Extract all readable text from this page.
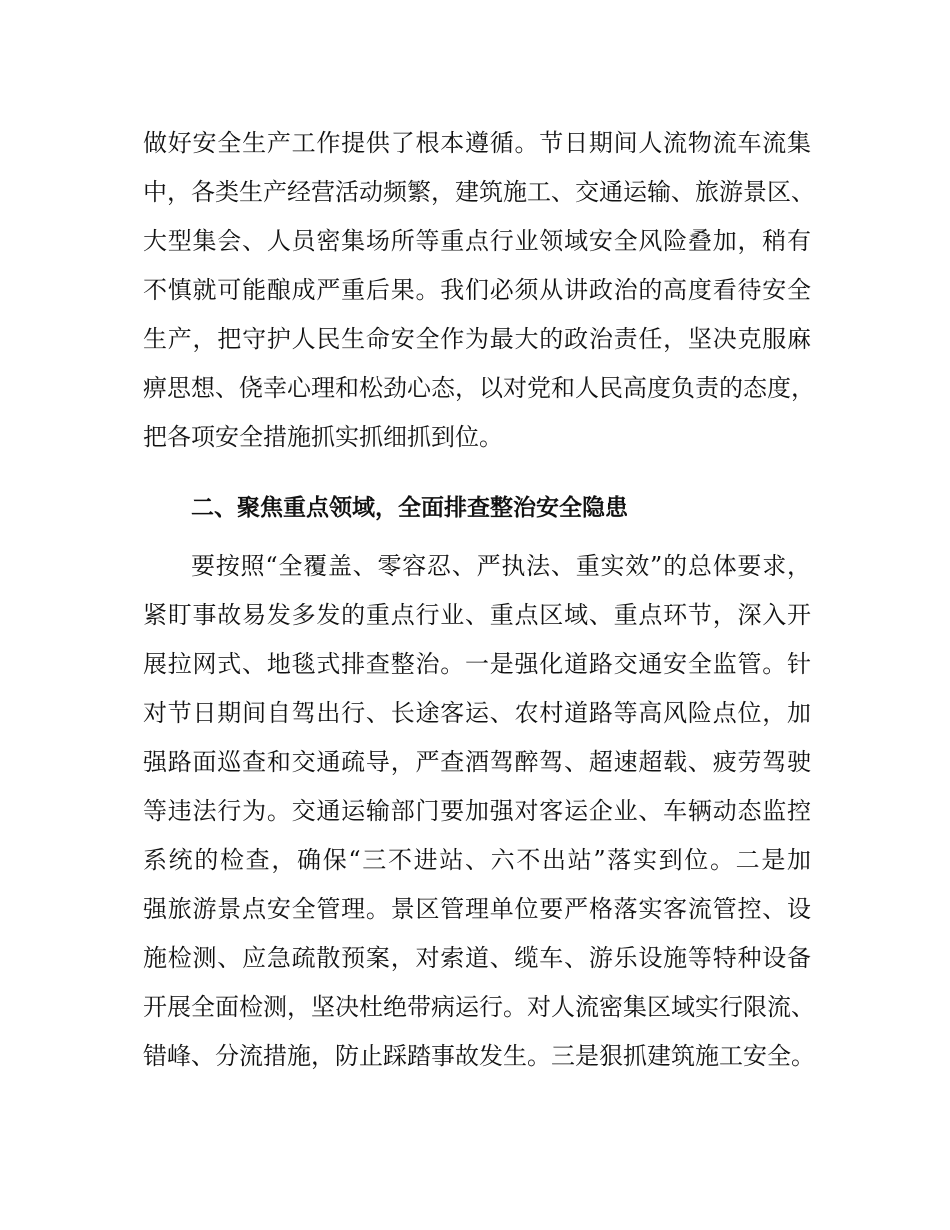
做好安全生产工作提供了根本遵循。节日期间人流物流车流集
中，各类生产经营活动频繁，建筑施工、交通运输、旅游景区、
大型集会、人员密集场所等重点行业领域安全风险叠加，稍有
不慎就可能酿成严重后果。我们必须从讲政治的高度看待安全
生产，把守护人民生命安全作为最大的政治责任，坚决克服麻
痹思想、侥幸心理和松劲心态，以对党和人民高度负责的态度，
把各项安全措施抓实抓细抓到位。
二、聚焦重点领域，全面排查整治安全隐患
要按照“全覆盖、零容忍、严执法、重实效”的总体要求，
紧盯事故易发多发的重点行业、重点区域、重点环节，深入开
展拉网式、地毯式排查整治。一是强化道路交通安全监管。针
对节日期间自驾出行、长途客运、农村道路等高风险点位，加
强路面巡查和交通疏导，严查酒驾醉驾、超速超载、疲劳驾驶
等违法行为。交通运输部门要加强对客运企业、车辆动态监控
系统的检查，确保“三不进站、六不出站”落实到位。二是加
强旅游景点安全管理。景区管理单位要严格落实客流管控、设
施检测、应急疏散预案，对索道、缆车、游乐设施等特种设备
开展全面检测，坚决杜绝带病运行。对人流密集区域实行限流、
错峰、分流措施，防止踩踏事故发生。三是狠抓建筑施工安全。
